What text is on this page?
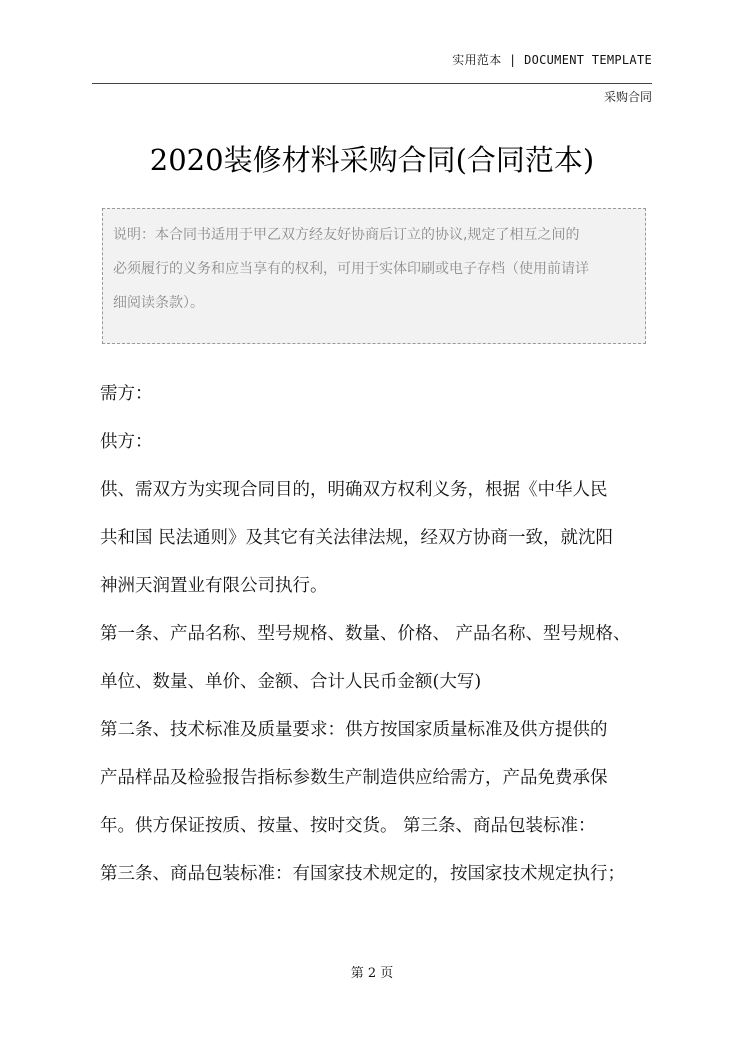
实用范本 | DOCUMENT TEMPLATE
采购合同
2020装修材料采购合同(合同范本)
说明：本合同书适用于甲乙双方经友好协商后订立的协议,规定了相互之间的
必须履行的义务和应当享有的权利，可用于实体印刷或电子存档（使用前请详
细阅读条款）。
需方：
供方：
供、需双方为实现合同目的，明确双方权利义务，根据《中华人民
共和国 民法通则》及其它有关法律法规，经双方协商一致，就沈阳
神洲天润置业有限公司执行。
第一条、产品名称、型号规格、数量、价格、 产品名称、型号规格、
单位、数量、单价、金额、合计人民币金额(大写)
第二条、技术标准及质量要求：供方按国家质量标准及供方提供的
产品样品及检验报告指标参数生产制造供应给需方，产品免费承保
年。供方保证按质、按量、按时交货。 第三条、商品包装标准：
第三条、商品包装标准：有国家技术规定的，按国家技术规定执行；
第 2 页
